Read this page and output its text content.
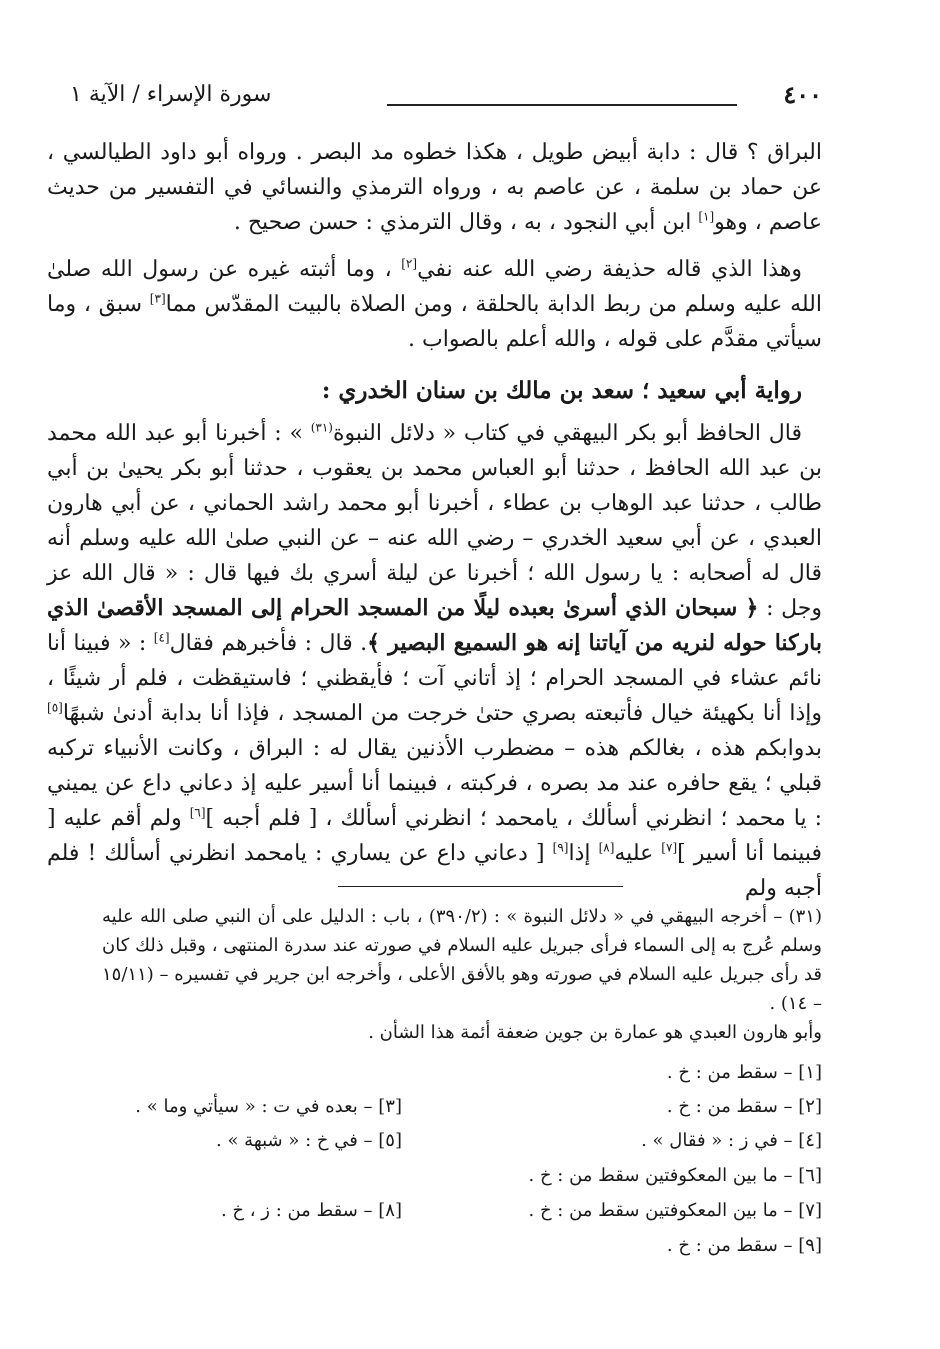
٤٠٠
سورة الإسراء / الآية ١

البراق ؟ قال : دابة أبيض طويل ، هكذا خطوه مد البصر . ورواه أبو داود الطيالسي ، عن حماد بن سلمة ، عن عاصم به ، ورواه الترمذي والنسائي في التفسير من حديث عاصم ، وهو[١] ابن أبي النجود ، به ، وقال الترمذي : حسن صحيح .

وهذا الذي قاله حذيفة رضي الله عنه نفي[٢] ، وما أثبته غيره عن رسول الله صلىٰ الله عليه وسلم من ربط الدابة بالحلقة ، ومن الصلاة بالبيت المقدّس مما[٣] سبق ، وما سيأتي مقدَّم على قوله ، والله أعلم بالصواب .

رواية أبي سعيد ؛ سعد بن مالك بن سنان الخدري :

قال الحافظ أبو بكر البيهقي في كتاب « دلائل النبوة$^{(٣١)}$ » : أخبرنا أبو عبد الله محمد بن عبد الله الحافظ ، حدثنا أبو العباس محمد بن يعقوب ، حدثنا أبو بكر يحيىٰ بن أبي طالب ، حدثنا عبد الوهاب بن عطاء ، أخبرنا أبو محمد راشد الحماني ، عن أبي هارون العبدي ، عن أبي سعيد الخدري – رضي الله عنه – عن النبي صلىٰ الله عليه وسلم أنه قال له أصحابه : يا رسول الله ؛ أخبرنا عن ليلة أسري بك فيها قال : « قال الله عز وجل : ﴿ سبحان الذي أسرىٰ بعبده ليلًا من المسجد الحرام إلى المسجد الأقصىٰ الذي باركنا حوله لنريه من آياتنا إنه هو السميع البصير ﴾. قال : فأخبرهم فقال[٤] : « فبينا أنا نائم عشاء في المسجد الحرام ؛ إذ أتاني آت ؛ فأيقظني ؛ فاستيقظت ، فلم أر شيئًا ، وإذا أنا بكهيئة خيال فأتبعته بصري حتىٰ خرجت من المسجد ، فإذا أنا بدابة أدنىٰ شبهًا[٥] بدوابكم هذه ، بغالكم هذه – مضطرب الأذنين يقال له : البراق ، وكانت الأنبياء تركبه قبلي ؛ يقع حافره عند مد بصره ، فركبته ، فبينما أنا أسير عليه إذ دعاني داع عن يميني : يا محمد ؛ انظرني أسألك ، يامحمد ؛ انظرني أسألك ، [ فلم أجبه ][٦] ولم أقم عليه [ فبينما أنا أسير ][٧] عليه[٨] إذا[٩] [ دعاني داع عن يساري : يامحمد انظرني أسألك ! فلم أجبه ولم

(٣١) – أخرجه البيهقي في « دلائل النبوة » : (٣٩٠/٢) ، باب : الدليل على أن النبي صلى الله عليه وسلم عُرج به إلى السماء فرأى جبريل عليه السلام في صورته عند سدرة المنتهى ، وقبل ذلك كان قد رأى جبريل عليه السلام في صورته وهو بالأفق الأعلى ، وأخرجه ابن جرير في تفسيره – (١٥/١١ – ١٤) .

وأبو هارون العبدي هو عمارة بن جوين ضعفة أئمة هذا الشأن .

[١] – سقط من : خ .
[٢] – سقط من : خ .
[٣] – بعده في ت : « سيأتي وما » .
[٤] – في ز : « فقال » .
[٥] – في خ : « شبهة » .
[٦] – ما بين المعكوفتين سقط من : خ .
[٧] – ما بين المعكوفتين سقط من : خ .
[٨] – سقط من : ز ، خ .
[٩] – سقط من : خ .
